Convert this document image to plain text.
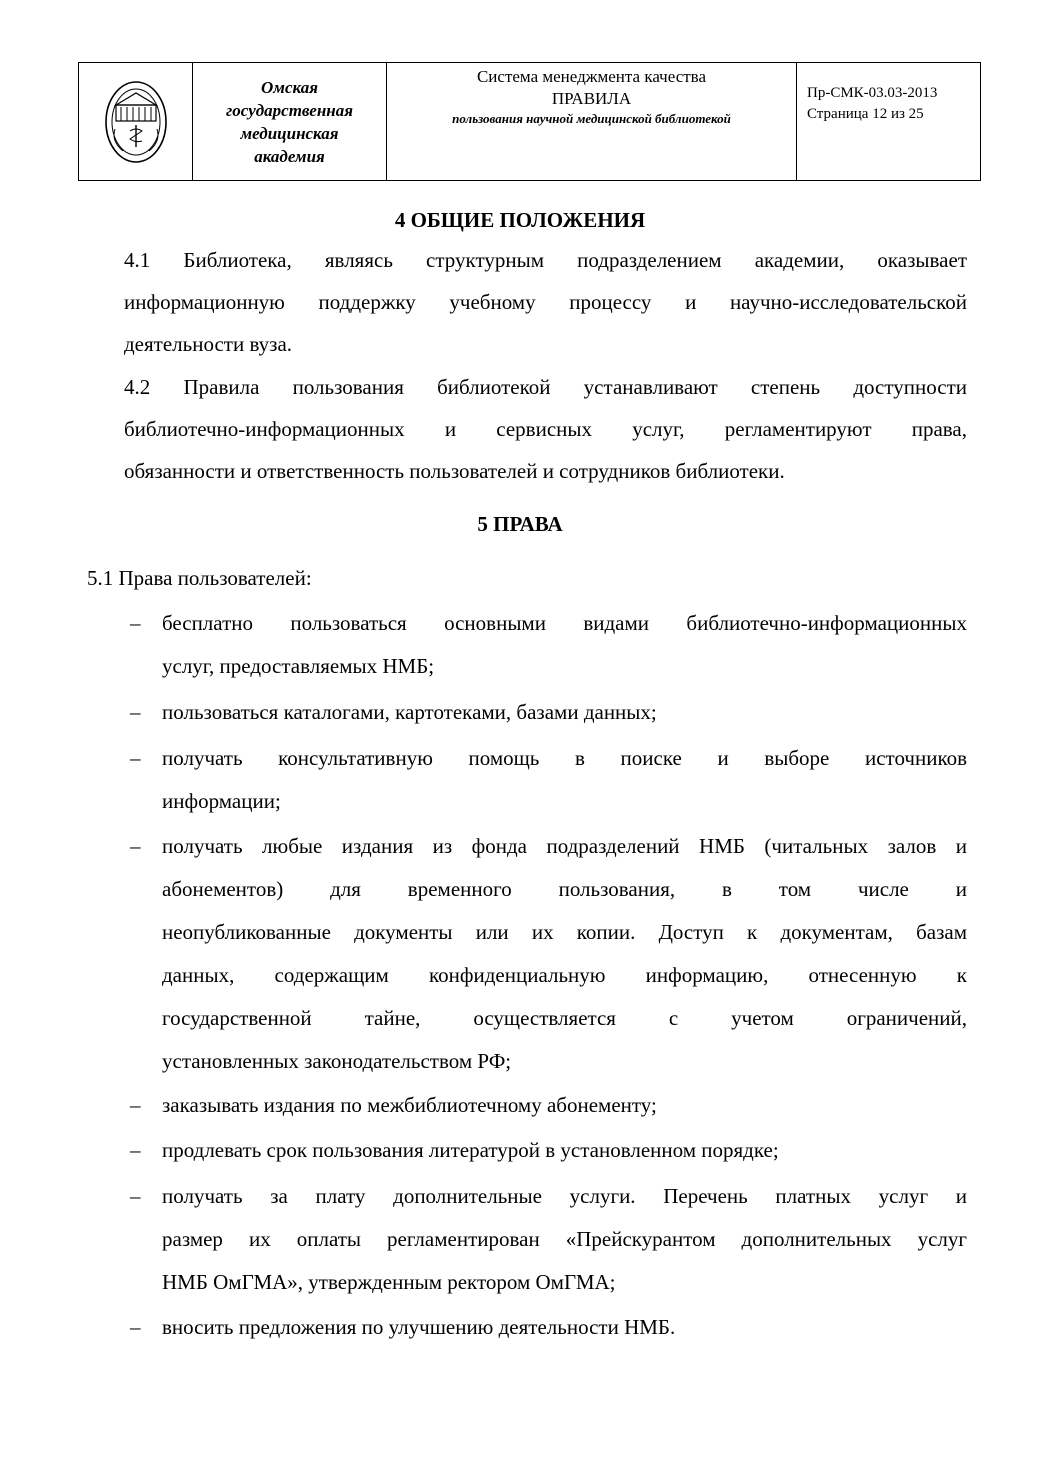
Омская
государственная
медицинская
академия

Система менеджмента качества
ПРАВИЛА
пользования научной медицинской библиотекой

Пр-СМК-03.03-2013
Страница 12 из 25
4 ОБЩИЕ ПОЛОЖЕНИЯ
4.1 Библиотека, являясь структурным подразделением академии, оказывает
информационную поддержку учебному процессу и научно-исследовательской
деятельности вуза.
4.2 Правила пользования библиотекой устанавливают степень доступности
библиотечно-информационных и сервисных услуг, регламентируют права,
обязанности и ответственность пользователей и сотрудников библиотеки.
5 ПРАВА
5.1 Права пользователей:
– бесплатно пользоваться основными видами библиотечно-информационных
услуг, предоставляемых НМБ;
– пользоваться каталогами, картотеками, базами данных;
– получать консультативную помощь в поиске и выборе источников
информации;
– получать любые издания из фонда подразделений НМБ (читальных залов и
абонементов) для временного пользования, в том числе и
неопубликованные документы или их копии. Доступ к документам, базам
данных, содержащим конфиденциальную информацию, отнесенную к
государственной тайне, осуществляется с учетом ограничений,
установленных законодательством РФ;
– заказывать издания по межбиблиотечному абонементу;
– продлевать срок пользования литературой в установленном порядке;
– получать за плату дополнительные услуги. Перечень платных услуг и
размер их оплаты регламентирован «Прейскурантом дополнительных услуг
НМБ ОмГМА», утвержденным ректором ОмГМА;
– вносить предложения по улучшению деятельности НМБ.
